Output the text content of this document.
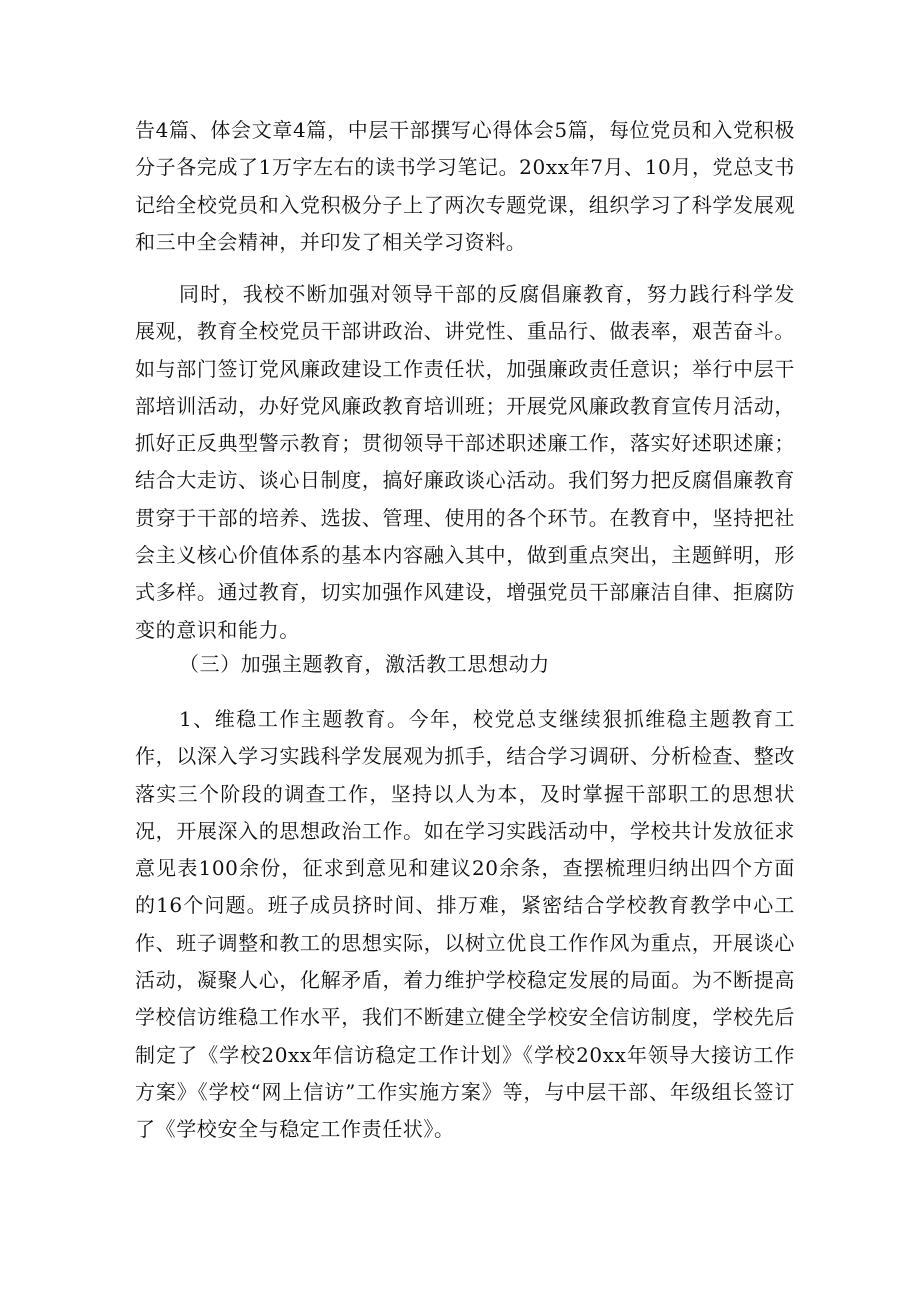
告4篇、体会文章4篇，中层干部撰写心得体会5篇，每位党员和入党积极分子各完成了1万字左右的读书学习笔记。20xx年7月、10月，党总支书记给全校党员和入党积极分子上了两次专题党课，组织学习了科学发展观和三中全会精神，并印发了相关学习资料。

同时，我校不断加强对领导干部的反腐倡廉教育，努力践行科学发展观，教育全校党员干部讲政治、讲党性、重品行、做表率，艰苦奋斗。如与部门签订党风廉政建设工作责任状，加强廉政责任意识；举行中层干部培训活动，办好党风廉政教育培训班；开展党风廉政教育宣传月活动，抓好正反典型警示教育；贯彻领导干部述职述廉工作，落实好述职述廉；结合大走访、谈心日制度，搞好廉政谈心活动。我们努力把反腐倡廉教育贯穿于干部的培养、选拔、管理、使用的各个环节。在教育中，坚持把社会主义核心价值体系的基本内容融入其中，做到重点突出，主题鲜明，形式多样。通过教育，切实加强作风建设，增强党员干部廉洁自律、拒腐防变的意识和能力。

（三）加强主题教育，激活教工思想动力

1、维稳工作主题教育。今年，校党总支继续狠抓维稳主题教育工作，以深入学习实践科学发展观为抓手，结合学习调研、分析检查、整改落实三个阶段的调查工作，坚持以人为本，及时掌握干部职工的思想状况，开展深入的思想政治工作。如在学习实践活动中，学校共计发放征求意见表100余份，征求到意见和建议20余条，查摆梳理归纳出四个方面的16个问题。班子成员挤时间、排万难，紧密结合学校教育教学中心工作、班子调整和教工的思想实际，以树立优良工作作风为重点，开展谈心活动，凝聚人心，化解矛盾，着力维护学校稳定发展的局面。为不断提高学校信访维稳工作水平，我们不断建立健全学校安全信访制度，学校先后制定了《学校20xx年信访稳定工作计划》《学校20xx年领导大接访工作方案》《学校“网上信访”工作实施方案》等，与中层干部、年级组长签订了《学校安全与稳定工作责任状》。
